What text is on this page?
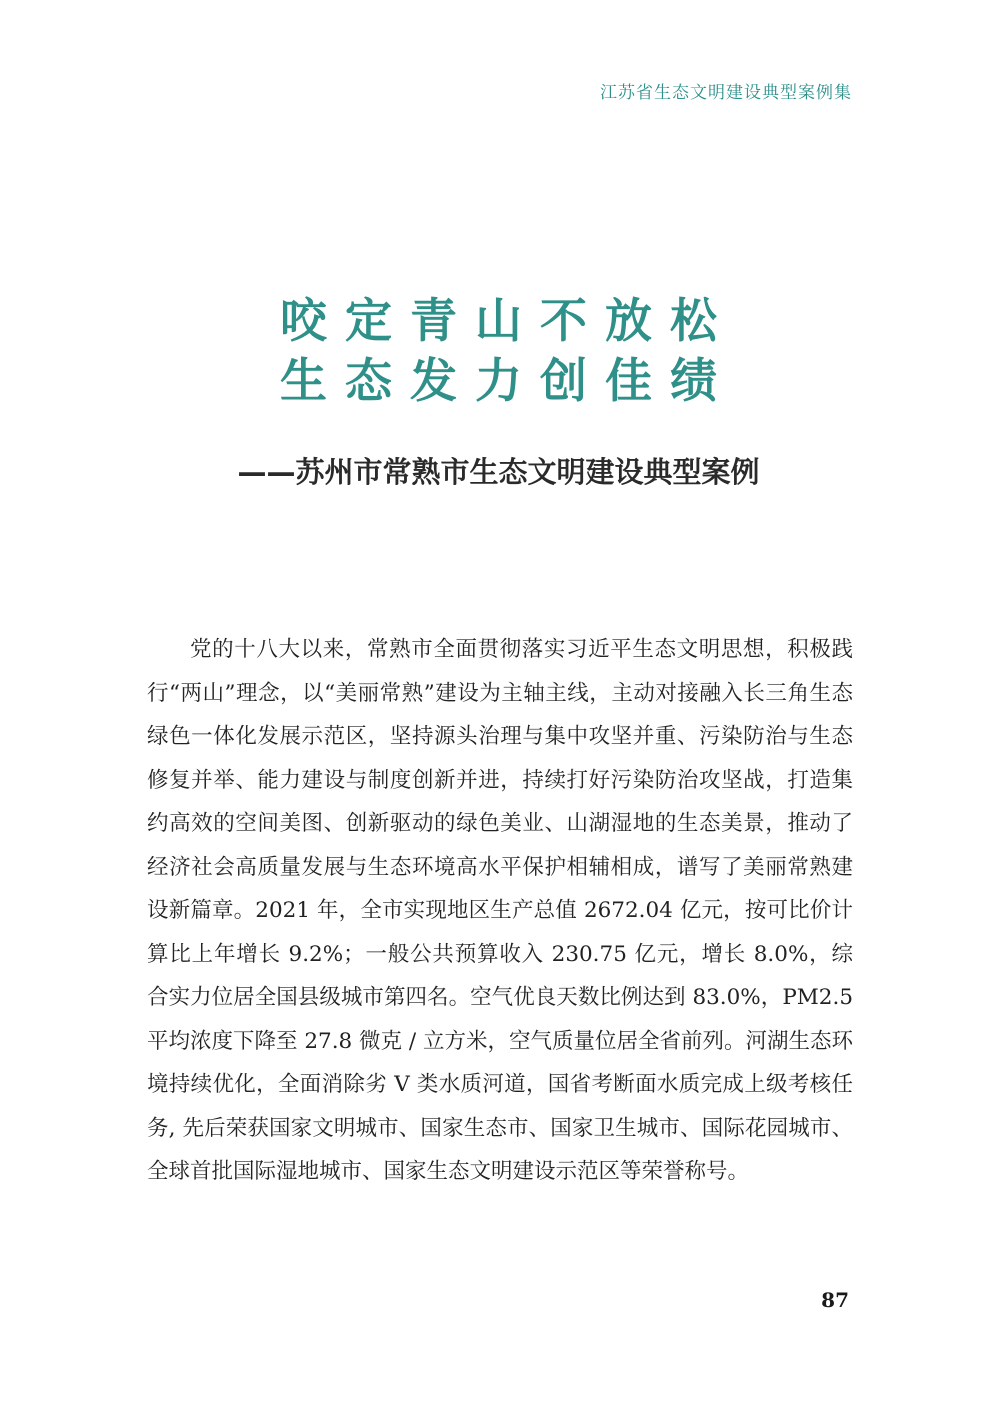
江苏省生态文明建设典型案例集
咬定青山不放松
生态发力创佳绩
——苏州市常熟市生态文明建设典型案例

党的十八大以来，常熟市全面贯彻落实习近平生态文明思想，积极践行“两山”理念，以“美丽常熟”建设为主轴主线，主动对接融入长三角生态绿色一体化发展示范区，坚持源头治理与集中攻坚并重、污染防治与生态修复并举、能力建设与制度创新并进，持续打好污染防治攻坚战，打造集约高效的空间美图、创新驱动的绿色美业、山湖湿地的生态美景，推动了经济社会高质量发展与生态环境高水平保护相辅相成，谱写了美丽常熟建设新篇章。2021 年，全市实现地区生产总值 2672.04 亿元，按可比价计算比上年增长 9.2%；一般公共预算收入 230.75 亿元，增长 8.0%，综合实力位居全国县级城市第四名。空气优良天数比例达到 83.0%，PM2.5 平均浓度下降至 27.8 微克 / 立方米，空气质量位居全省前列。河湖生态环境持续优化，全面消除劣 V 类水质河道，国省考断面水质完成上级考核任务, 先后荣获国家文明城市、国家生态市、国家卫生城市、国际花园城市、全球首批国际湿地城市、国家生态文明建设示范区等荣誉称号。

87
